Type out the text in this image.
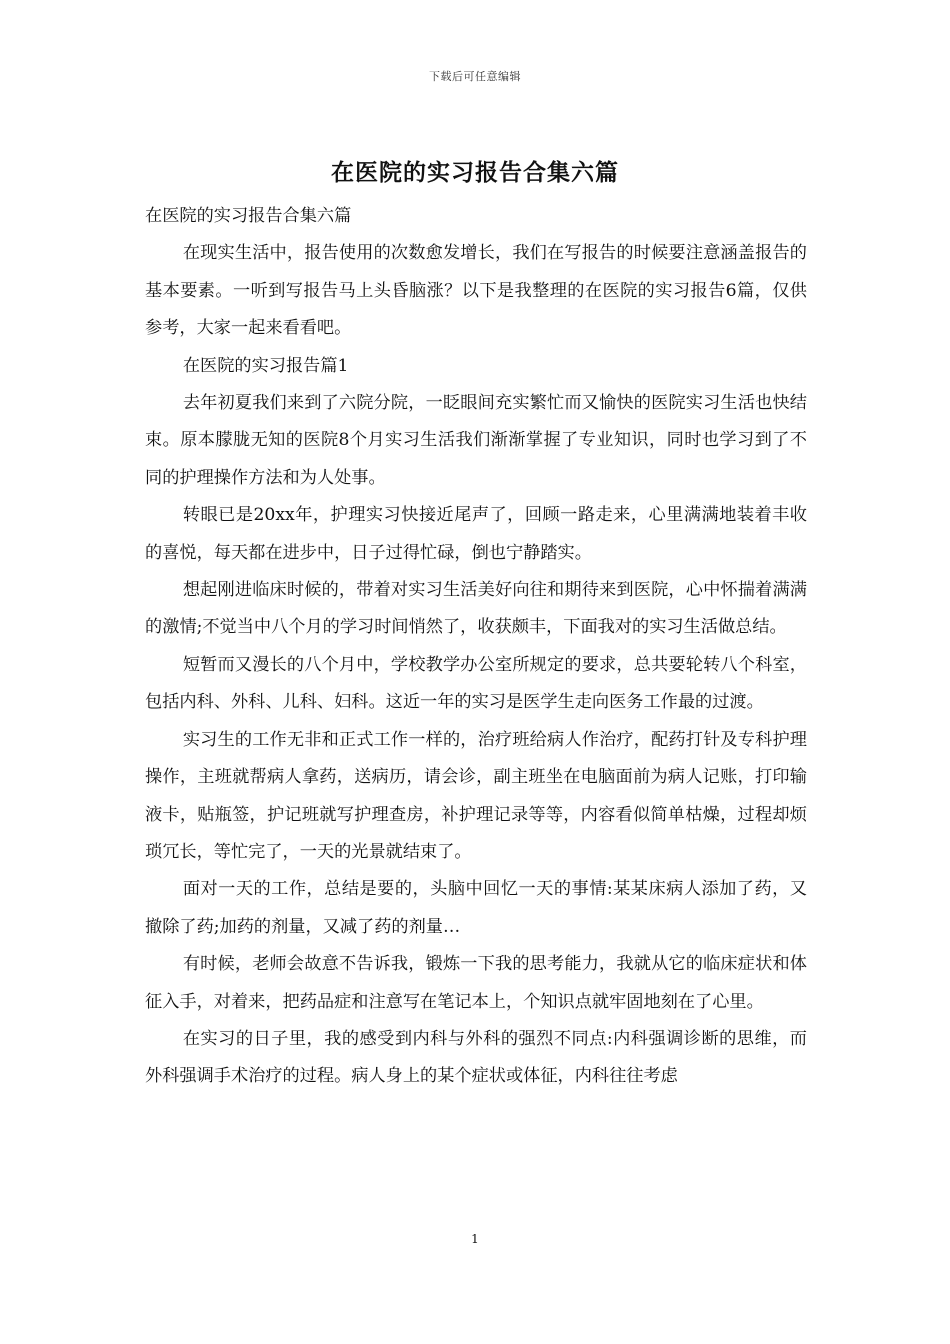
下载后可任意编辑
在医院的实习报告合集六篇

在医院的实习报告合集六篇

在现实生活中，报告使用的次数愈发增长，我们在写报告的时候要注意涵盖报告的基本要素。一听到写报告马上头昏脑涨？以下是我整理的在医院的实习报告6篇，仅供参考，大家一起来看看吧。

在医院的实习报告篇1

去年初夏我们来到了六院分院，一眨眼间充实繁忙而又愉快的医院实习生活也快结束。原本朦胧无知的医院8个月实习生活我们渐渐掌握了专业知识，同时也学习到了不同的护理操作方法和为人处事。

转眼已是20xx年，护理实习快接近尾声了，回顾一路走来，心里满满地装着丰收的喜悦，每天都在进步中，日子过得忙碌，倒也宁静踏实。

想起刚进临床时候的，带着对实习生活美好向往和期待来到医院，心中怀揣着满满的激情;不觉当中八个月的学习时间悄然了，收获颇丰，下面我对的实习生活做总结。

短暂而又漫长的八个月中，学校教学办公室所规定的要求，总共要轮转八个科室，包括内科、外科、儿科、妇科。这近一年的实习是医学生走向医务工作最的过渡。

实习生的工作无非和正式工作一样的，治疗班给病人作治疗，配药打针及专科护理操作，主班就帮病人拿药，送病历，请会诊，副主班坐在电脑面前为病人记账，打印输液卡，贴瓶签，护记班就写护理查房，补护理记录等等，内容看似简单枯燥，过程却烦琐冗长，等忙完了，一天的光景就结束了。

面对一天的工作，总结是要的，头脑中回忆一天的事情:某某床病人添加了药，又撤除了药;加药的剂量，又减了药的剂量…

有时候，老师会故意不告诉我，锻炼一下我的思考能力，我就从它的临床症状和体征入手，对着来，把药品症和注意写在笔记本上，个知识点就牢固地刻在了心里。

在实习的日子里，我的感受到内科与外科的强烈不同点:内科强调诊断的思维，而外科强调手术治疗的过程。病人身上的某个症状或体征，内科往往考虑

1
